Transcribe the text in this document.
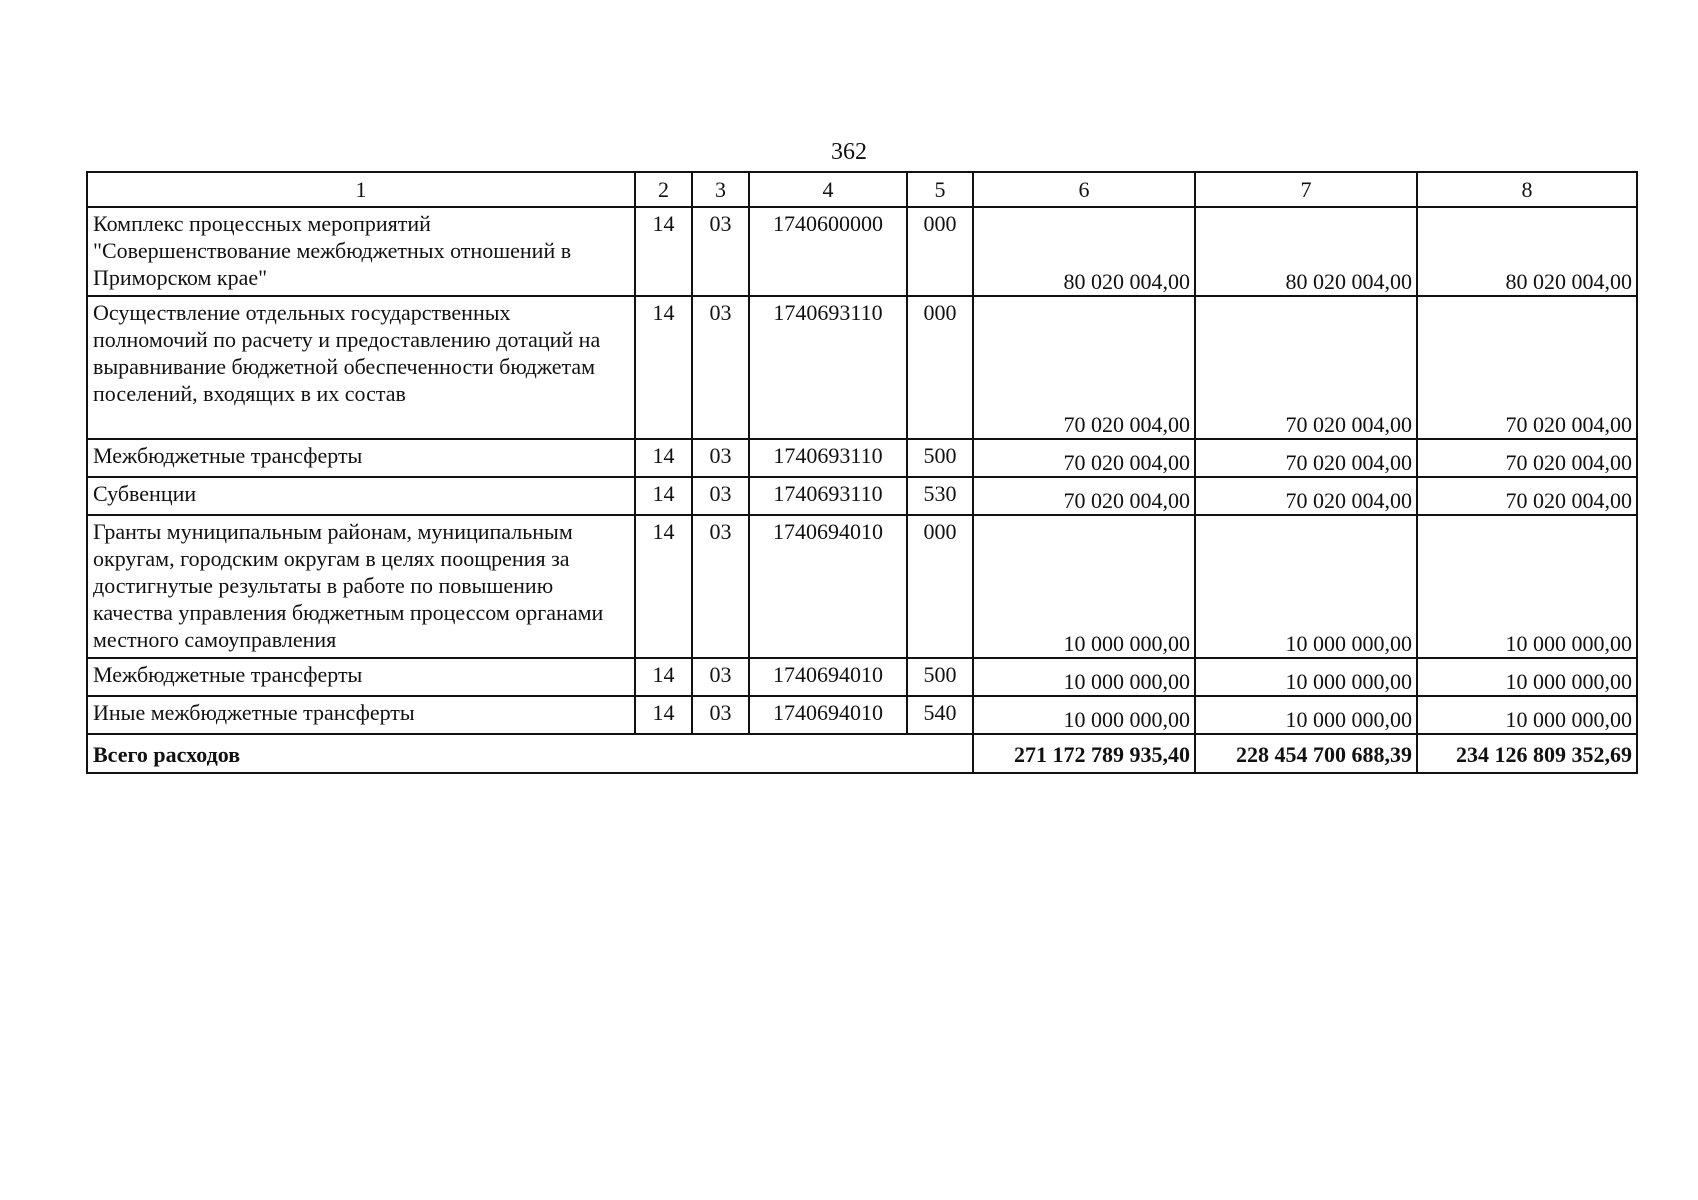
362
1	2	3	4	5	6	7	8
Комплекс процессных мероприятий "Совершенствование межбюджетных отношений в Приморском крае"	14	03	1740600000	000	80 020 004,00	80 020 004,00	80 020 004,00
Осуществление отдельных государственных полномочий по расчету и предоставлению дотаций на выравнивание бюджетной обеспеченности бюджетам поселений, входящих в их состав	14	03	1740693110	000	70 020 004,00	70 020 004,00	70 020 004,00
Межбюджетные трансферты	14	03	1740693110	500	70 020 004,00	70 020 004,00	70 020 004,00
Субвенции	14	03	1740693110	530	70 020 004,00	70 020 004,00	70 020 004,00
Гранты муниципальным районам, муниципальным округам, городским округам в целях поощрения за достигнутые результаты в работе по повышению качества управления бюджетным процессом органами местного самоуправления	14	03	1740694010	000	10 000 000,00	10 000 000,00	10 000 000,00
Межбюджетные трансферты	14	03	1740694010	500	10 000 000,00	10 000 000,00	10 000 000,00
Иные межбюджетные трансферты	14	03	1740694010	540	10 000 000,00	10 000 000,00	10 000 000,00
Всего расходов					271 172 789 935,40	228 454 700 688,39	234 126 809 352,69
